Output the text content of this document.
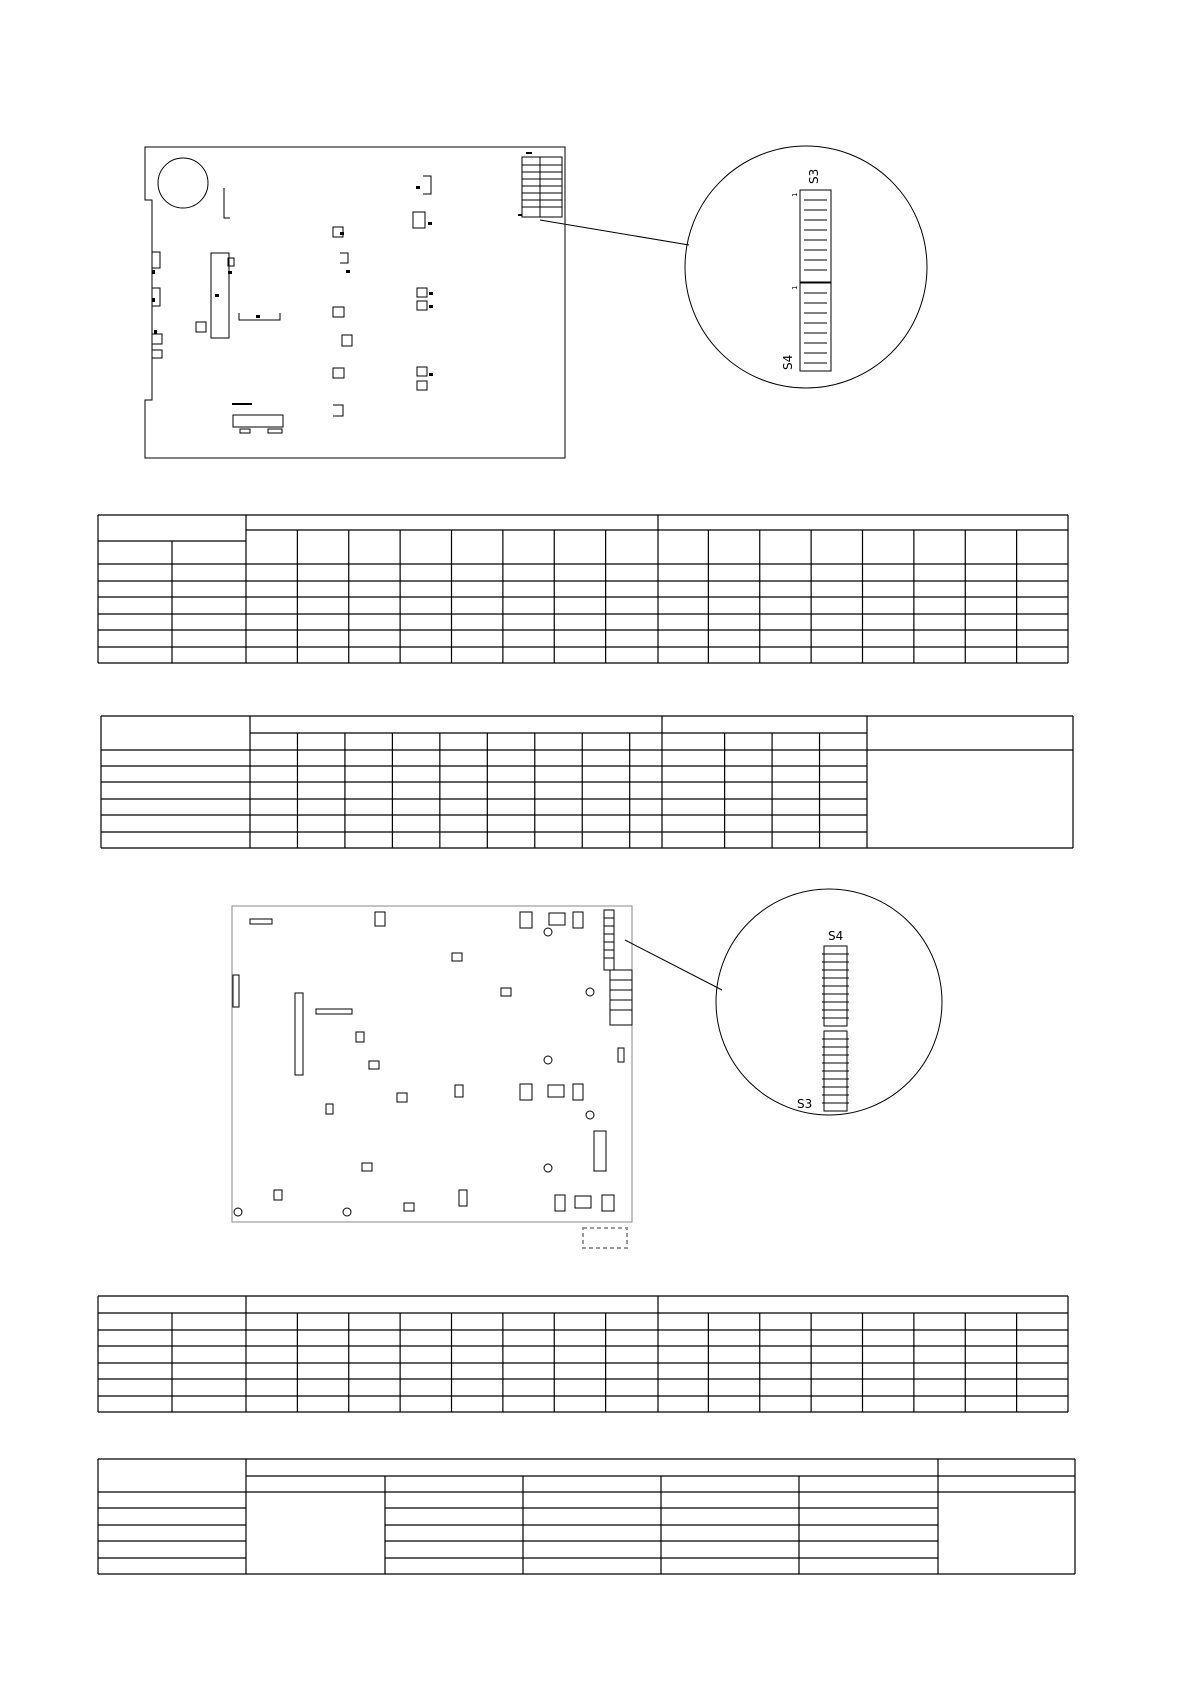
S3
S4
1
1
S4
S3
